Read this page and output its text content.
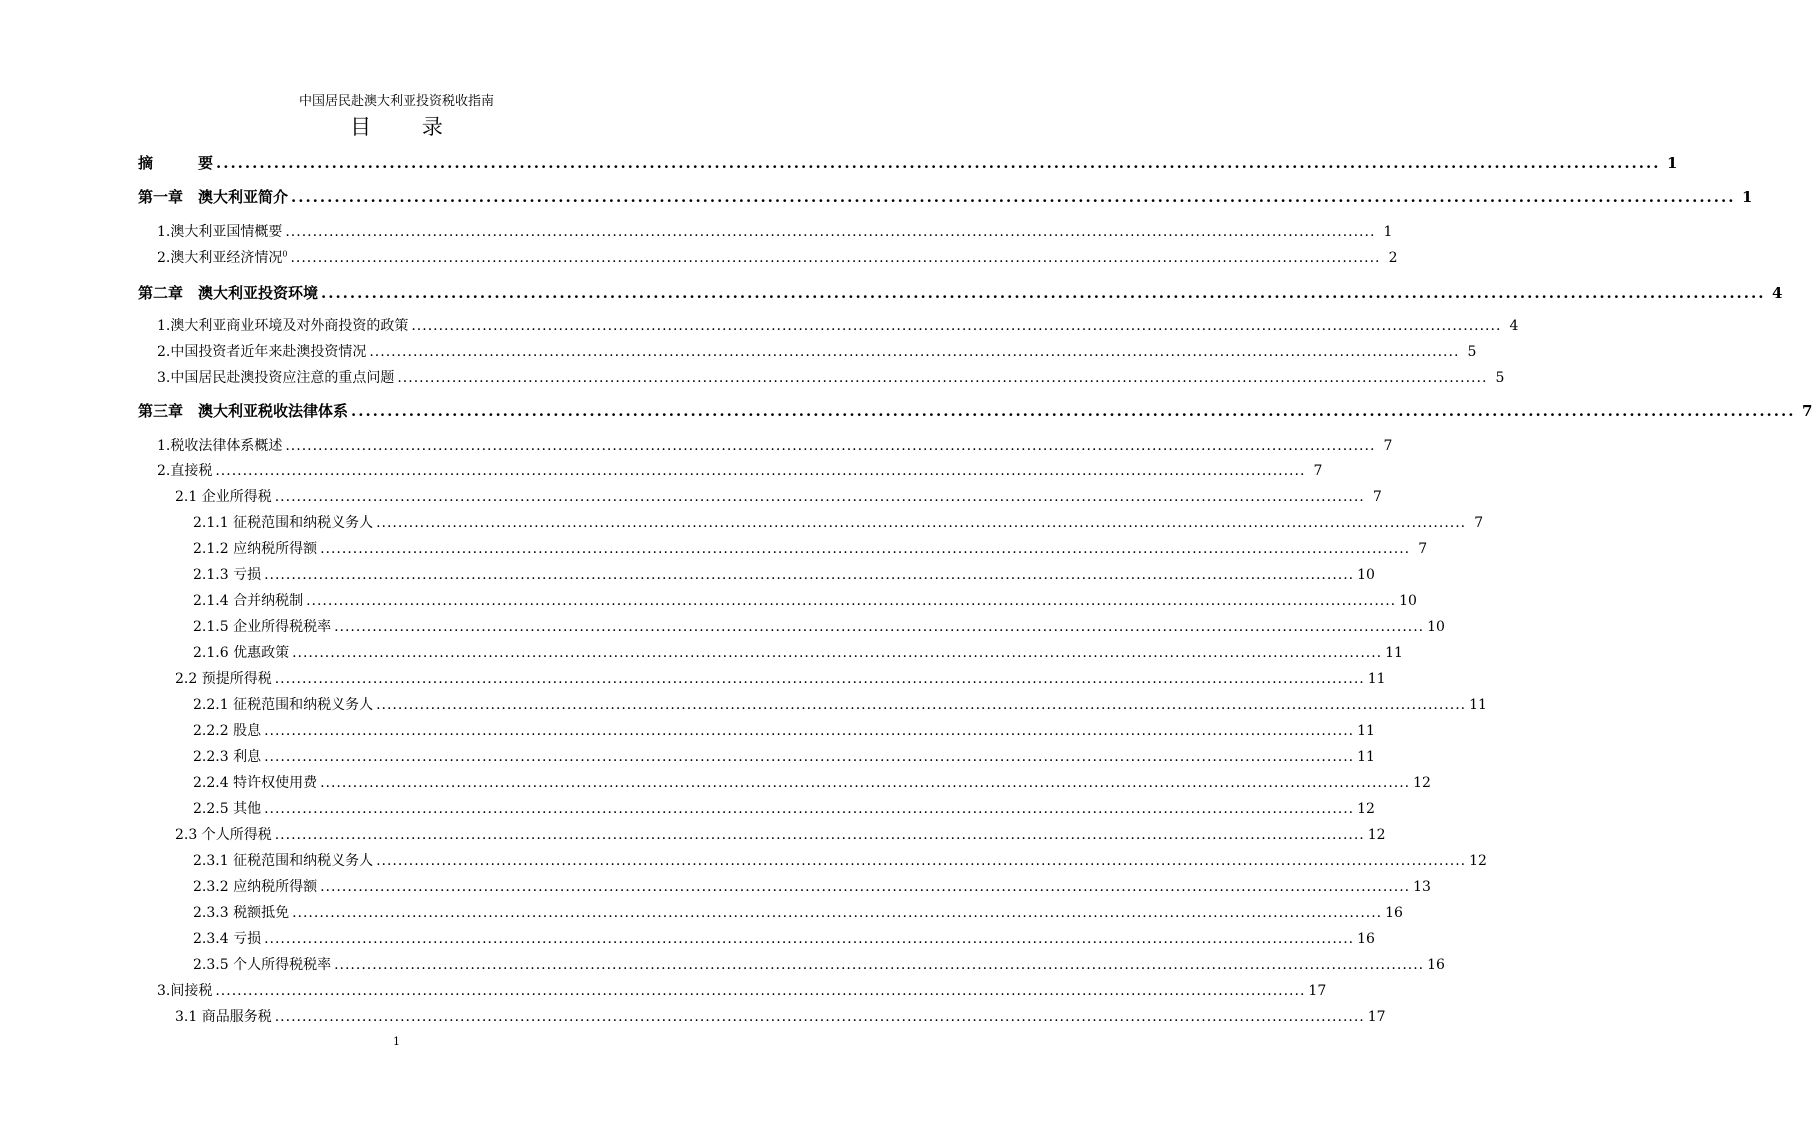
中国居民赴澳大利亚投资税收指南
目 录
摘　　　要 ........................................................................................................................................................................................................ 1
第一章　澳大利亚简介 ........................................................................................................................................................................................................ 1
1.澳大利亚国情概要 ........................................................................................................................................................................................................ 1
2.澳大利亚经济情况$^0$ ........................................................................................................................................................................................................ 2
第二章　澳大利亚投资环境 ........................................................................................................................................................................................................ 4
1.澳大利亚商业环境及对外商投资的政策 ........................................................................................................................................................................................................ 4
2.中国投资者近年来赴澳投资情况 ........................................................................................................................................................................................................ 5
3.中国居民赴澳投资应注意的重点问题 ........................................................................................................................................................................................................ 5
第三章　澳大利亚税收法律体系 ........................................................................................................................................................................................................ 7
1.税收法律体系概述 ........................................................................................................................................................................................................ 7
2.直接税 ........................................................................................................................................................................................................ 7
2.1 企业所得税 ........................................................................................................................................................................................................ 7
2.1.1 征税范围和纳税义务人 ........................................................................................................................................................................................................ 7
2.1.2 应纳税所得额 ........................................................................................................................................................................................................ 7
2.1.3 亏损 ........................................................................................................................................................................................................ 10
2.1.4 合并纳税制 ........................................................................................................................................................................................................ 10
2.1.5 企业所得税税率 ........................................................................................................................................................................................................ 10
2.1.6 优惠政策 ........................................................................................................................................................................................................ 11
2.2 预提所得税 ........................................................................................................................................................................................................ 11
2.2.1 征税范围和纳税义务人 ........................................................................................................................................................................................................ 11
2.2.2 股息 ........................................................................................................................................................................................................ 11
2.2.3 利息 ........................................................................................................................................................................................................ 11
2.2.4 特许权使用费 ........................................................................................................................................................................................................ 12
2.2.5 其他 ........................................................................................................................................................................................................ 12
2.3 个人所得税 ........................................................................................................................................................................................................ 12
2.3.1 征税范围和纳税义务人 ........................................................................................................................................................................................................ 12
2.3.2 应纳税所得额 ........................................................................................................................................................................................................ 13
2.3.3 税额抵免 ........................................................................................................................................................................................................ 16
2.3.4 亏损 ........................................................................................................................................................................................................ 16
2.3.5 个人所得税税率 ........................................................................................................................................................................................................ 16
3.间接税 ........................................................................................................................................................................................................ 17
3.1 商品服务税 ........................................................................................................................................................................................................ 17
1
